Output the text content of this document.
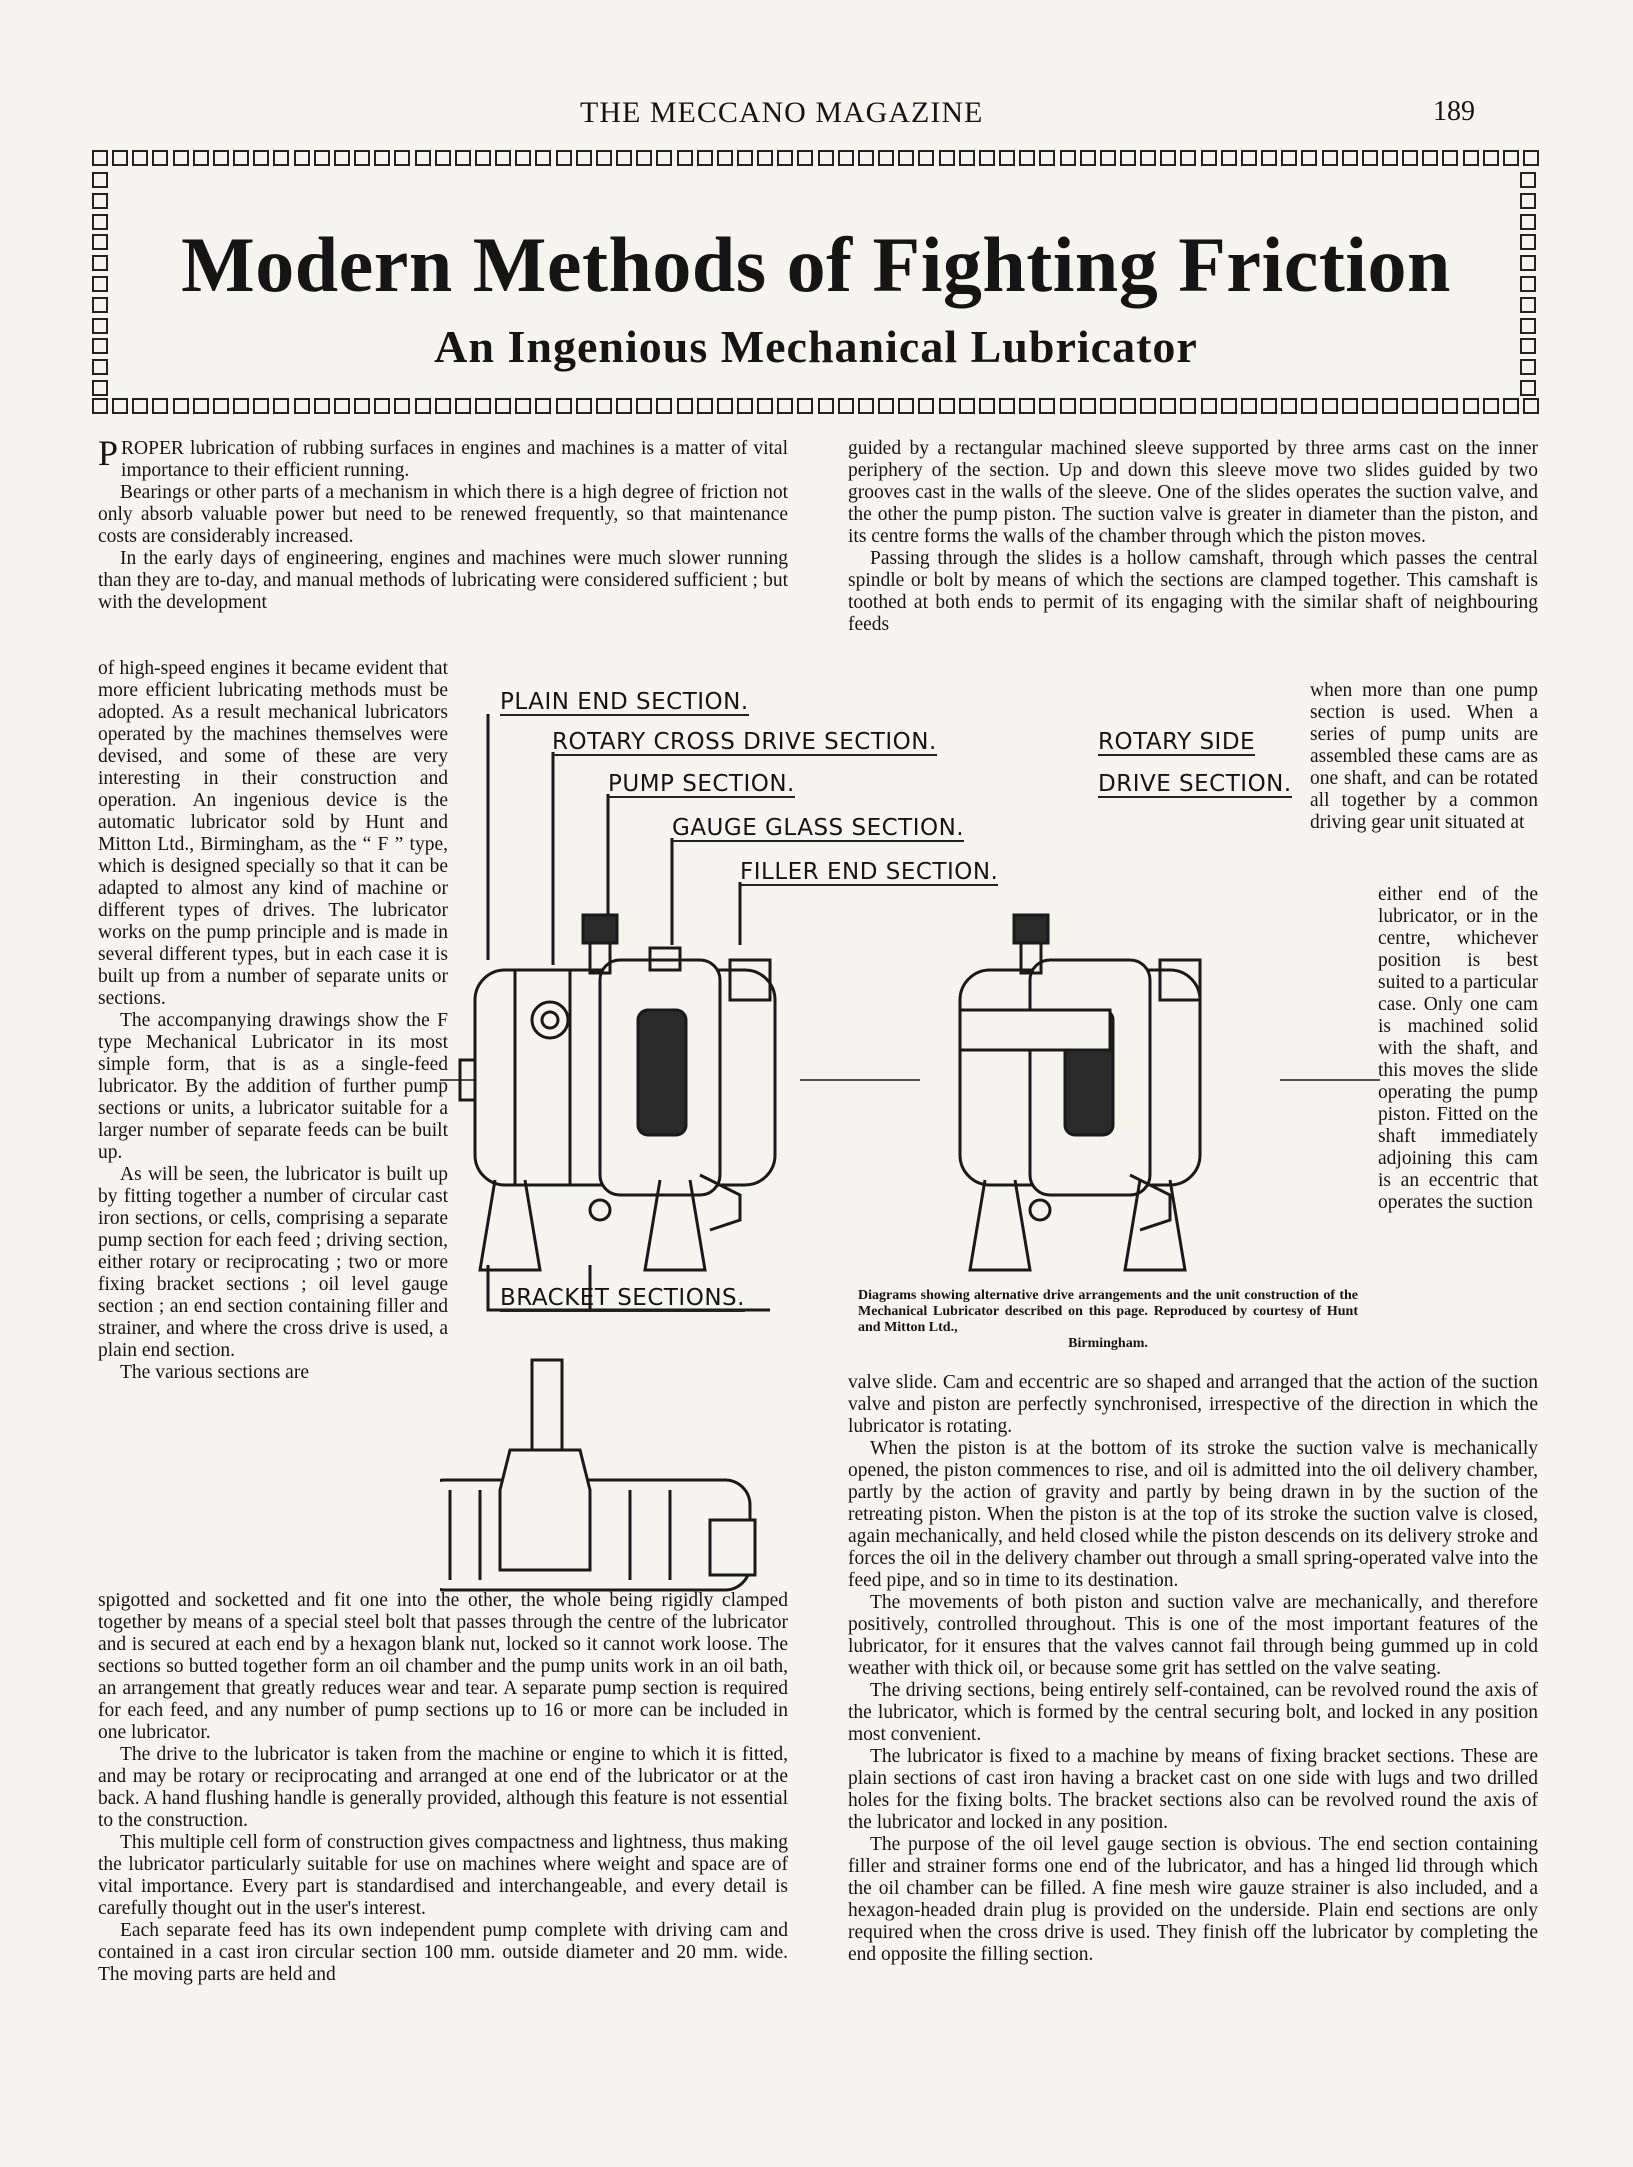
THE MECCANO MAGAZINE	189
Modern Methods of Fighting Friction
An Ingenious Mechanical Lubricator

PROPER lubrication of rubbing surfaces in engines and machines is a matter of vital importance to their efficient running.

Bearings or other parts of a mechanism in which there is a high degree of friction not only absorb valuable power but need to be renewed frequently, so that maintenance costs are considerably increased.

In the early days of engineering, engines and machines were much slower running than they are to-day, and manual methods of lubricating were considered sufficient ; but with the development

of high-speed engines it became evident that more efficient lubricating methods must be adopted. As a result mechanical lubricators operated by the machines themselves were devised, and some of these are very interesting in their construction and operation. An ingenious device is the automatic lubricator sold by Hunt and Mitton Ltd., Birmingham, as the “ F ” type, which is designed specially so that it can be adapted to almost any kind of machine or different types of drives. The lubricator works on the pump principle and is made in several different types, but in each case it is built up from a number of separate units or sections.

The accompanying drawings show the F type Mechanical Lubricator in its most simple form, that is as a single-feed lubricator. By the addition of further pump sections or units, a lubricator suitable for a larger number of separate feeds can be built up.

As will be seen, the lubricator is built up by fitting together a number of circular cast iron sections, or cells, comprising a separate pump section for each feed ; driving section, either rotary or reciprocating ; two or more fixing bracket sections ; oil level gauge section ; an end section containing filler and strainer, and where the cross drive is used, a plain end section.

The various sections are

spigotted and socketted and fit one into the other, the whole being rigidly clamped together by means of a special steel bolt that passes through the centre of the lubricator and is secured at each end by a hexagon blank nut, locked so it cannot work loose. The sections so butted together form an oil chamber and the pump units work in an oil bath, an arrangement that greatly reduces wear and tear. A separate pump section is required for each feed, and any number of pump sections up to 16 or more can be included in one lubricator.

The drive to the lubricator is taken from the machine or engine to which it is fitted, and may be rotary or reciprocating and arranged at one end of the lubricator or at the back. A hand flushing handle is generally provided, although this feature is not essential to the construction.

This multiple cell form of construction gives compactness and lightness, thus making the lubricator particularly suitable for use on machines where weight and space are of vital importance. Every part is standardised and interchangeable, and every detail is carefully thought out in the user's interest.

Each separate feed has its own independent pump complete with driving cam and contained in a cast iron circular section 100 mm. outside diameter and 20 mm. wide. The moving parts are held and

guided by a rectangular machined sleeve supported by three arms cast on the inner periphery of the section. Up and down this sleeve move two slides guided by two grooves cast in the walls of the sleeve. One of the slides operates the suction valve, and the other the pump piston. The suction valve is greater in diameter than the piston, and its centre forms the walls of the chamber through which the piston moves.

Passing through the slides is a hollow camshaft, through which passes the central spindle or bolt by means of which the sections are clamped together. This camshaft is toothed at both ends to permit of its engaging with the similar shaft of neighbouring feeds

when more than one pump section is used. When a series of pump units are assembled these cams are as one shaft, and can be rotated all together by a common driving gear unit situated at

either end of the lubricator, or in the centre, whichever position is best suited to a particular case. Only one cam is machined solid with the shaft, and this moves the slide operating the pump piston. Fitted on the shaft immediately adjoining this cam is an eccentric that operates the suction

valve slide. Cam and eccentric are so shaped and arranged that the action of the suction valve and piston are perfectly synchronised, irrespective of the direction in which the lubricator is rotating.

When the piston is at the bottom of its stroke the suction valve is mechanically opened, the piston commences to rise, and oil is admitted into the oil delivery chamber, partly by the action of gravity and partly by being drawn in by the suction of the retreating piston. When the piston is at the top of its stroke the suction valve is closed, again mechanically, and held closed while the piston descends on its delivery stroke and forces the oil in the delivery chamber out through a small spring-operated valve into the feed pipe, and so in time to its destination.

The movements of both piston and suction valve are mechanically, and therefore positively, controlled throughout. This is one of the most important features of the lubricator, for it ensures that the valves cannot fail through being gummed up in cold weather with thick oil, or because some grit has settled on the valve seating.

The driving sections, being entirely self-contained, can be revolved round the axis of the lubricator, which is formed by the central securing bolt, and locked in any position most convenient.

The lubricator is fixed to a machine by means of fixing bracket sections. These are plain sections of cast iron having a bracket cast on one side with lugs and two drilled holes for the fixing bolts. The bracket sections also can be revolved round the axis of the lubricator and locked in any position.

The purpose of the oil level gauge section is obvious. The end section containing filler and strainer forms one end of the lubricator, and has a hinged lid through which the oil chamber can be filled. A fine mesh wire gauze strainer is also included, and a hexagon-headed drain plug is provided on the underside. Plain end sections are only required when the cross drive is used. They finish off the lubricator by completing the end opposite the filling section.

Diagrams showing alternative drive arrangements and the unit construction of the Mechanical Lubricator described on this page. Reproduced by courtesy of Hunt and Mitton Ltd.,
Birmingham.
PLAIN END SECTION.
ROTARY CROSS DRIVE SECTION.
PUMP SECTION.
GAUGE GLASS SECTION.
FILLER END SECTION.
ROTARY SIDE
DRIVE SECTION.
BRACKET SECTIONS.
